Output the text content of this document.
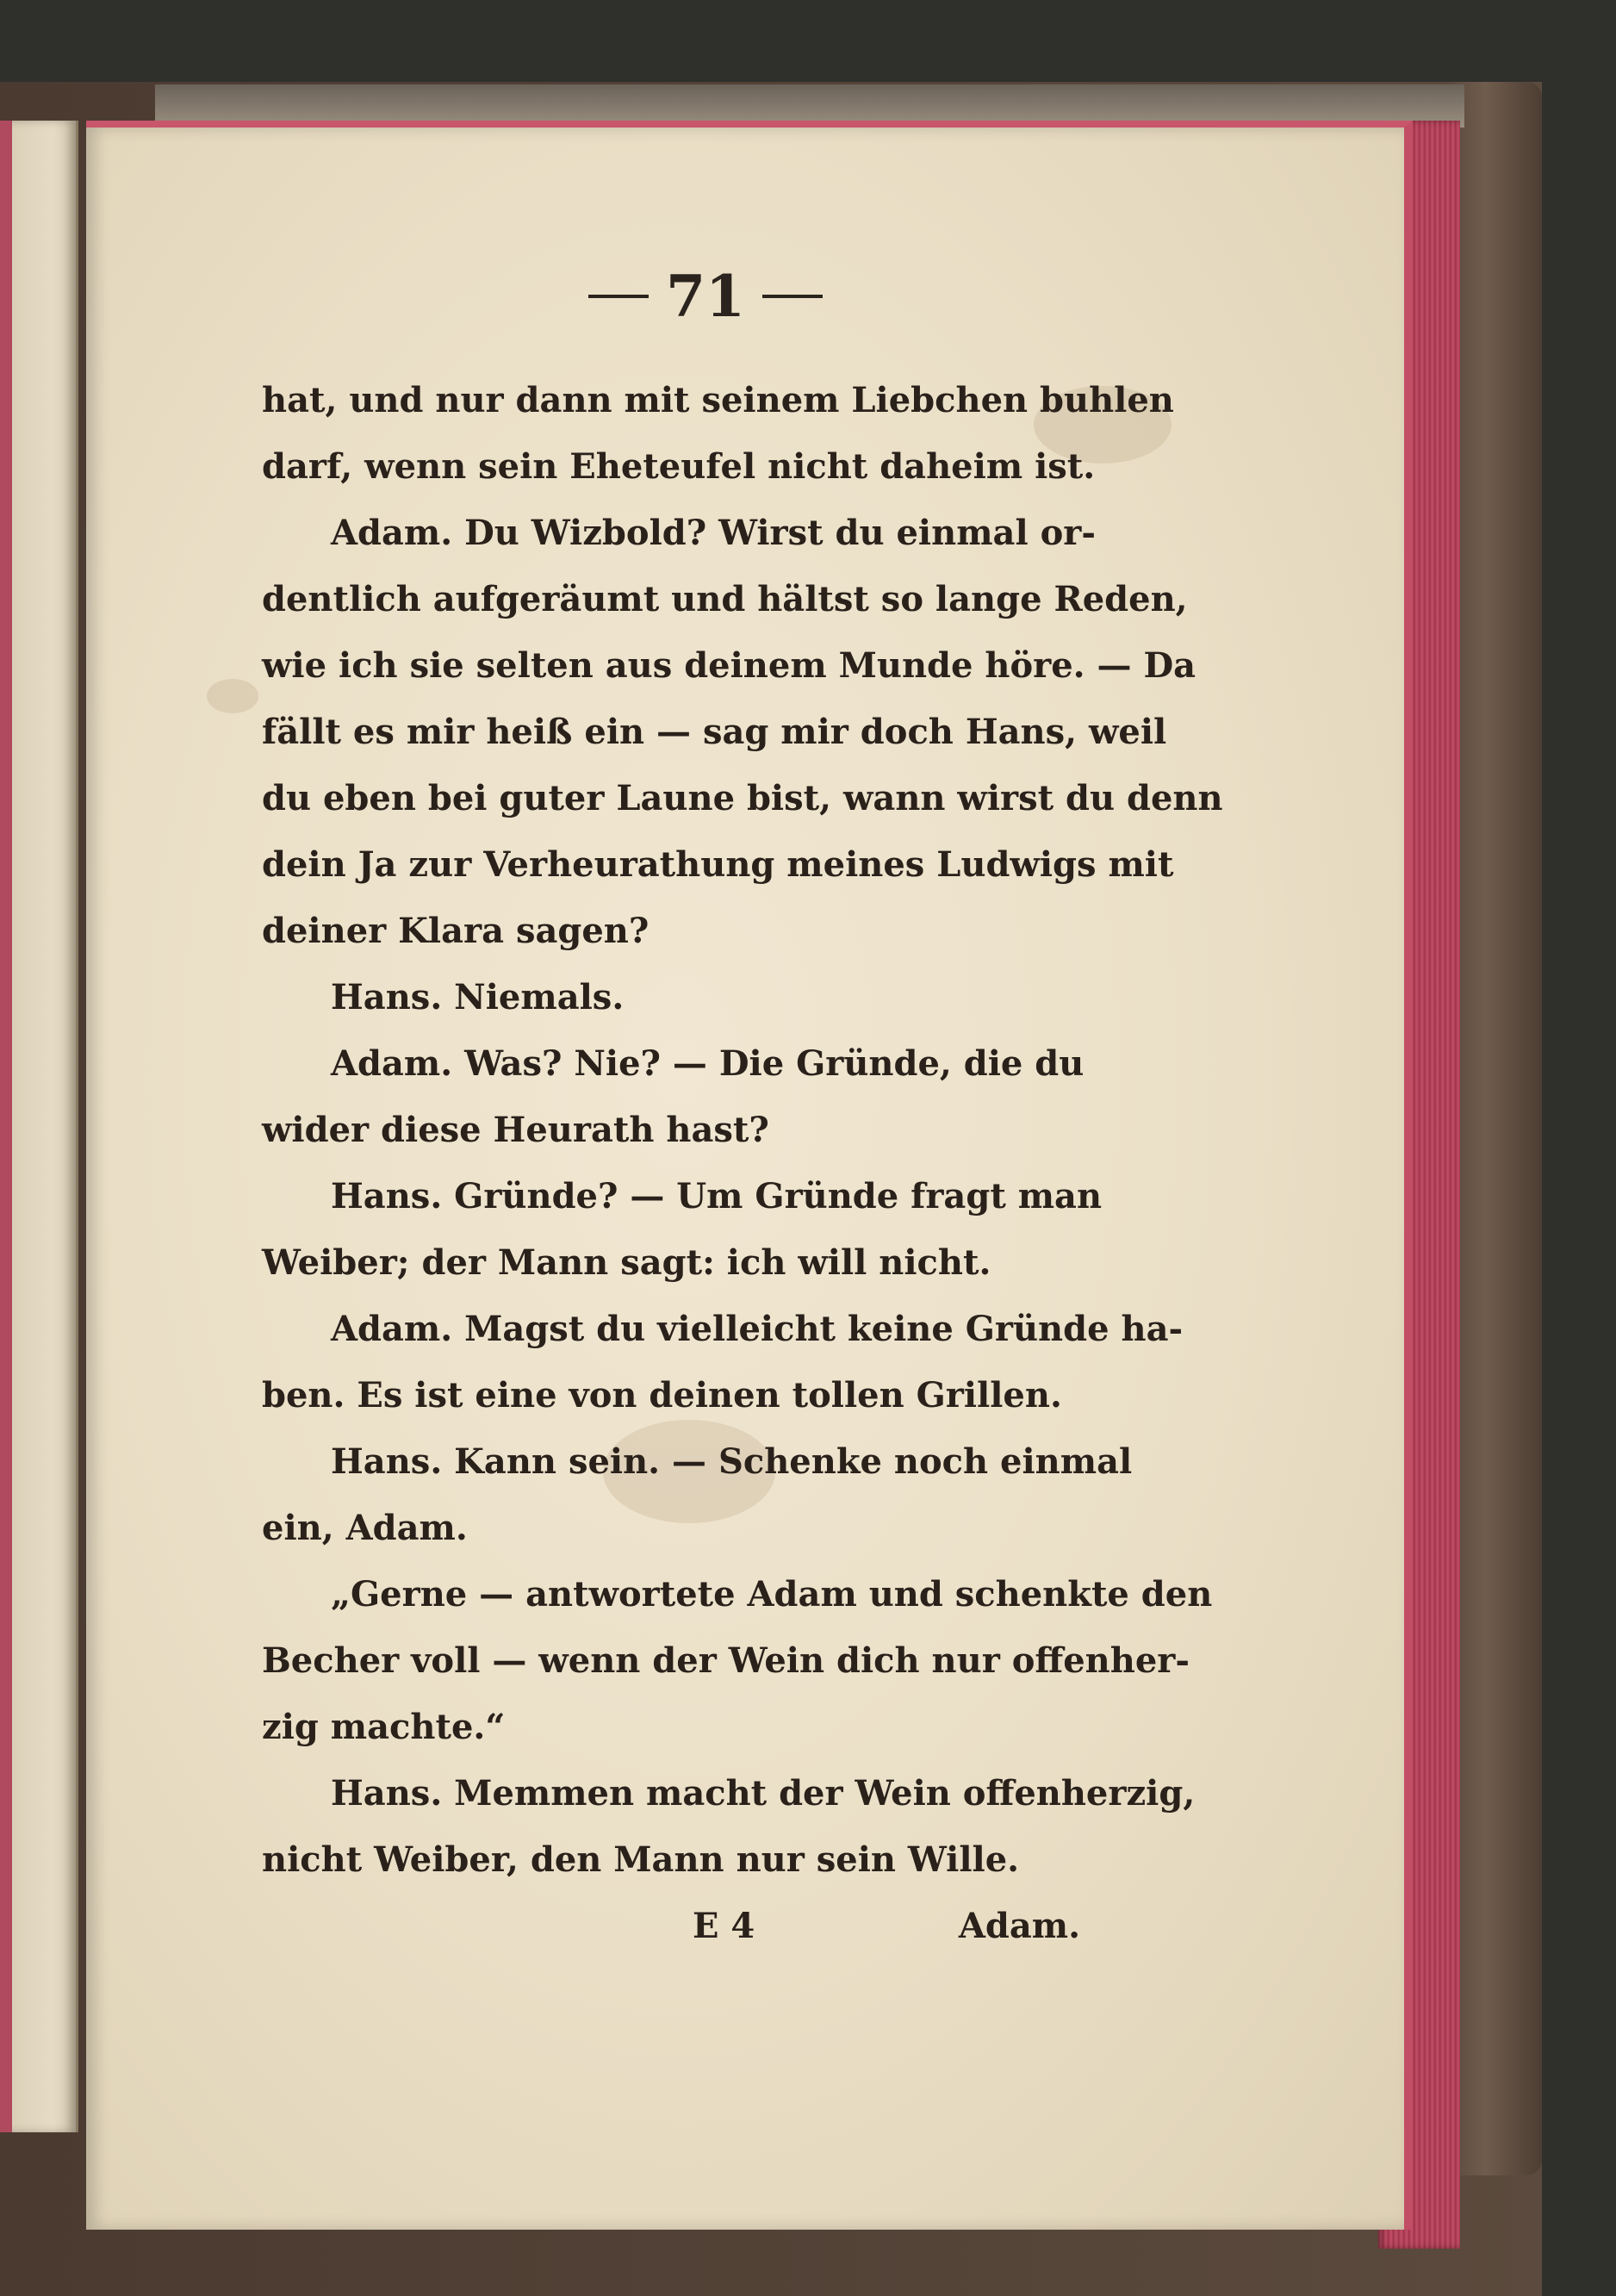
71
hat, und nur dann mit seinem Liebchen buhlen
darf, wenn sein Eheteufel nicht daheim ist.
Adam. Du Wizbold? Wirst du einmal or-
dentlich aufgeräumt und hältst so lange Reden,
wie ich sie selten aus deinem Munde höre. — Da
fällt es mir heiß ein — sag mir doch Hans, weil
du eben bei guter Laune bist, wann wirst du denn
dein Ja zur Verheurathung meines Ludwigs mit
deiner Klara sagen?
Hans. Niemals.
Adam. Was? Nie? — Die Gründe, die du
wider diese Heurath hast?
Hans. Gründe? — Um Gründe fragt man
Weiber; der Mann sagt: ich will nicht.
Adam. Magst du vielleicht keine Gründe ha-
ben. Es ist eine von deinen tollen Grillen.
Hans. Kann sein. — Schenke noch einmal
ein, Adam.
„Gerne — antwortete Adam und schenkte den
Becher voll — wenn der Wein dich nur offenher-
zig machte.“
Hans. Memmen macht der Wein offenherzig,
nicht Weiber, den Mann nur sein Wille.
E 4	Adam.
